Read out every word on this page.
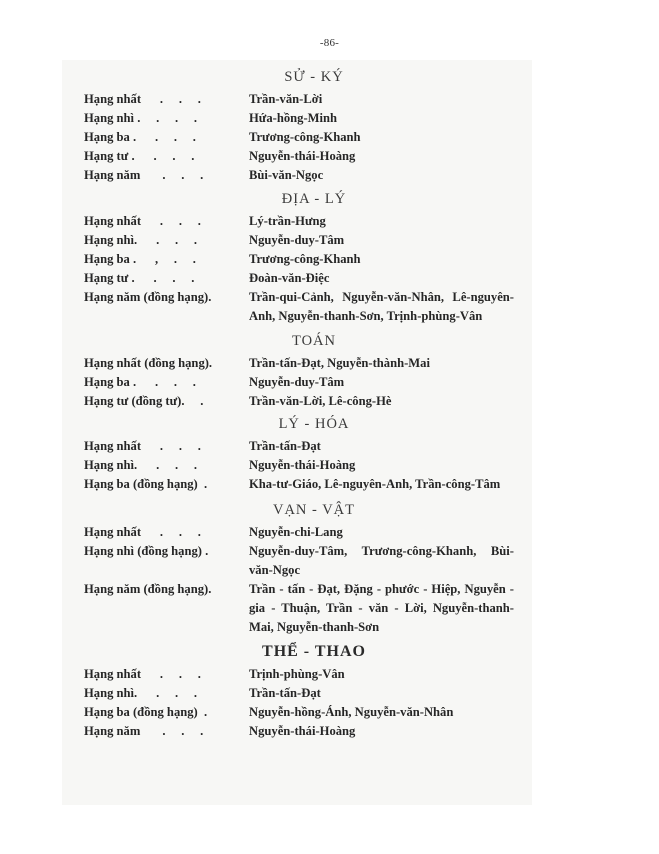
-86-
SỬ - KÝ
Hạng nhất      .     .     .	Trần-văn-Lời
Hạng nhì .     .     .     .	Hứa-hồng-Minh
Hạng ba .      .     .     .	Trương-công-Khanh
Hạng tư .      .     .     .	Nguyễn-thái-Hoàng
Hạng năm       .     .     .	Bùi-văn-Ngọc
ĐỊA - LÝ
Hạng nhất      .     .     .	Lý-trần-Hưng
Hạng nhì.      .     .     .	Nguyễn-duy-Tâm
Hạng ba .      ,     .     .	Trương-công-Khanh
Hạng tư .      .     .     .	Đoàn-văn-Điệc
Hạng năm (đồng hạng).	Trần-qui-Cảnh, Nguyễn-văn-Nhân, Lê-nguyên-Anh, Nguyễn-thanh-Sơn, Trịnh-phùng-Vân
TOÁN
Hạng nhất (đồng hạng).	Trần-tấn-Đạt, Nguyễn-thành-Mai
Hạng ba .      .     .     .	Nguyễn-duy-Tâm
Hạng tư (đồng tư).     .	Trần-văn-Lời, Lê-công-Hè
LÝ - HÓA
Hạng nhất      .     .     .	Trần-tấn-Đạt
Hạng nhì.      .     .     .	Nguyễn-thái-Hoàng
Hạng ba (đồng hạng)  .	Kha-tư-Giáo, Lê-nguyên-Anh, Trần-công-Tâm
VẠN - VẬT
Hạng nhất      .     .     .	Nguyễn-chi-Lang
Hạng nhì (đồng hạng) .	Nguyễn-duy-Tâm, Trương-công-Khanh, Bùi-văn-Ngọc
Hạng năm (đồng hạng).	Trần - tấn - Đạt, Đặng - phước - Hiệp, Nguyễn - gia - Thuận, Trần - văn - Lời, Nguyễn-thanh-Mai, Nguyễn-thanh-Sơn
THỂ - THAO
Hạng nhất      .     .     .	Trịnh-phùng-Vân
Hạng nhì.      .     .     .	Trần-tấn-Đạt
Hạng ba (đồng hạng)  .	Nguyễn-hồng-Ánh, Nguyễn-văn-Nhân
Hạng năm       .     .     .	Nguyễn-thái-Hoàng
